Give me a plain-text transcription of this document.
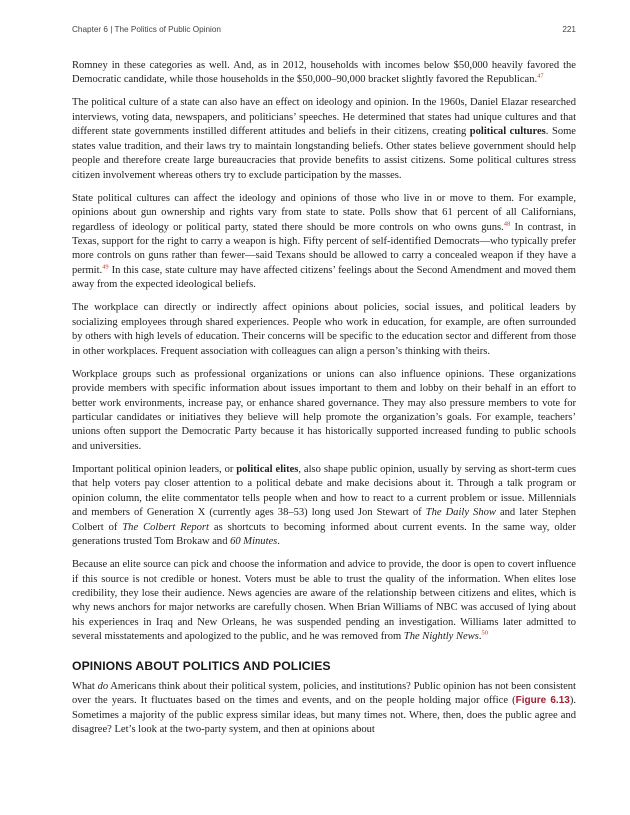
Chapter 6 | The Politics of Public Opinion	221

Romney in these categories as well. And, as in 2012, households with incomes below $50,000 heavily favored the Democratic candidate, while those households in the $50,000–90,000 bracket slightly favored the Republican.$^{47}$

The political culture of a state can also have an effect on ideology and opinion. In the 1960s, Daniel Elazar researched interviews, voting data, newspapers, and politicians’ speeches. He determined that states had unique cultures and that different state governments instilled different attitudes and beliefs in their citizens, creating political cultures. Some states value tradition, and their laws try to maintain longstanding beliefs. Other states believe government should help people and therefore create large bureaucracies that provide benefits to assist citizens. Some political cultures stress citizen involvement whereas others try to exclude participation by the masses.

State political cultures can affect the ideology and opinions of those who live in or move to them. For example, opinions about gun ownership and rights vary from state to state. Polls show that 61 percent of all Californians, regardless of ideology or political party, stated there should be more controls on who owns guns.$^{48}$ In contrast, in Texas, support for the right to carry a weapon is high. Fifty percent of self-identified Democrats—who typically prefer more controls on guns rather than fewer—said Texans should be allowed to carry a concealed weapon if they have a permit.$^{49}$ In this case, state culture may have affected citizens’ feelings about the Second Amendment and moved them away from the expected ideological beliefs.

The workplace can directly or indirectly affect opinions about policies, social issues, and political leaders by socializing employees through shared experiences. People who work in education, for example, are often surrounded by others with high levels of education. Their concerns will be specific to the education sector and different from those in other workplaces. Frequent association with colleagues can align a person’s thinking with theirs.

Workplace groups such as professional organizations or unions can also influence opinions. These organizations provide members with specific information about issues important to them and lobby on their behalf in an effort to better work environments, increase pay, or enhance shared governance. They may also pressure members to vote for particular candidates or initiatives they believe will help promote the organization’s goals. For example, teachers’ unions often support the Democratic Party because it has historically supported increased funding to public schools and universities.

Important political opinion leaders, or political elites, also shape public opinion, usually by serving as short-term cues that help voters pay closer attention to a political debate and make decisions about it. Through a talk program or opinion column, the elite commentator tells people when and how to react to a current problem or issue. Millennials and members of Generation X (currently ages 38–53) long used Jon Stewart of The Daily Show and later Stephen Colbert of The Colbert Report as shortcuts to becoming informed about current events. In the same way, older generations trusted Tom Brokaw and 60 Minutes.

Because an elite source can pick and choose the information and advice to provide, the door is open to covert influence if this source is not credible or honest. Voters must be able to trust the quality of the information. When elites lose credibility, they lose their audience. News agencies are aware of the relationship between citizens and elites, which is why news anchors for major networks are carefully chosen. When Brian Williams of NBC was accused of lying about his experiences in Iraq and New Orleans, he was suspended pending an investigation. Williams later admitted to several misstatements and apologized to the public, and he was removed from The Nightly News.$^{50}$

OPINIONS ABOUT POLITICS AND POLICIES

What do Americans think about their political system, policies, and institutions? Public opinion has not been consistent over the years. It fluctuates based on the times and events, and on the people holding major office (Figure 6.13). Sometimes a majority of the public express similar ideas, but many times not. Where, then, does the public agree and disagree? Let’s look at the two-party system, and then at opinions about
